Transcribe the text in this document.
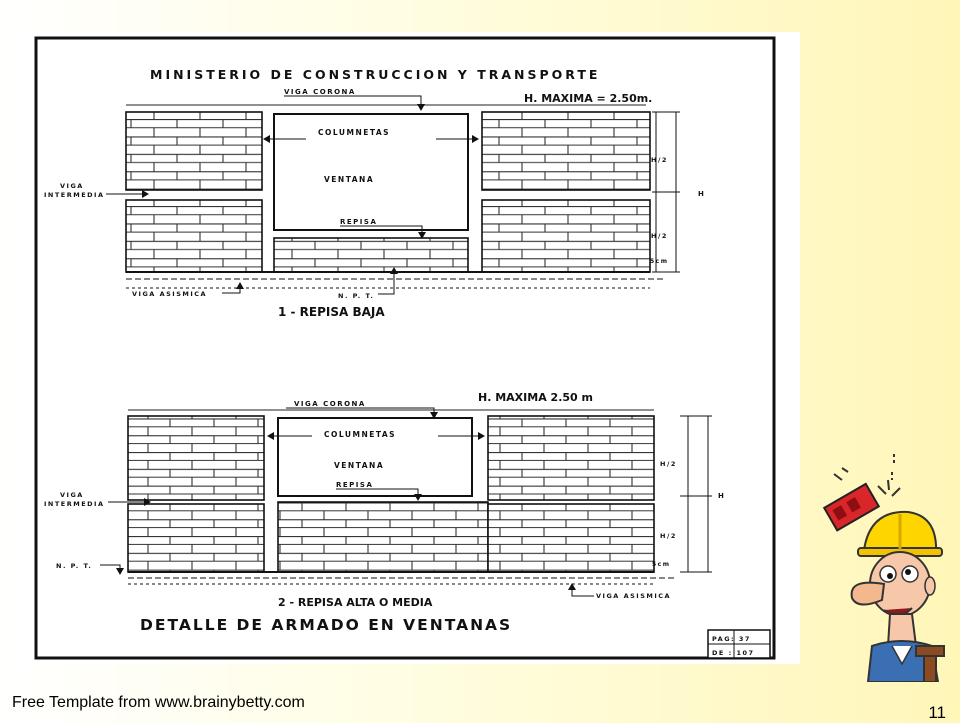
MINISTERIO DE CONSTRUCCION Y TRANSPORTE
VIGA CORONA	H. MAXIMA = 2.50m.
COLUMNETAS
VENTANA
REPISA
VIGA
INTERMEDIA
VIGA ASISMICA	N. P. T.
H/2
H/2
H
5cm
1 - REPISA BAJA
VIGA CORONA	H. MAXIMA 2.50 m
COLUMNETAS
VENTANA
REPISA
VIGA
INTERMEDIA
N. P. T.
VIGA ASISMICA
H/2
H/2
H
5cm
2 - REPISA ALTA O MEDIA
DETALLE DE ARMADO EN VENTANAS
PAG: 37
DE : 107
Free Template from www.brainybetty.com
11
